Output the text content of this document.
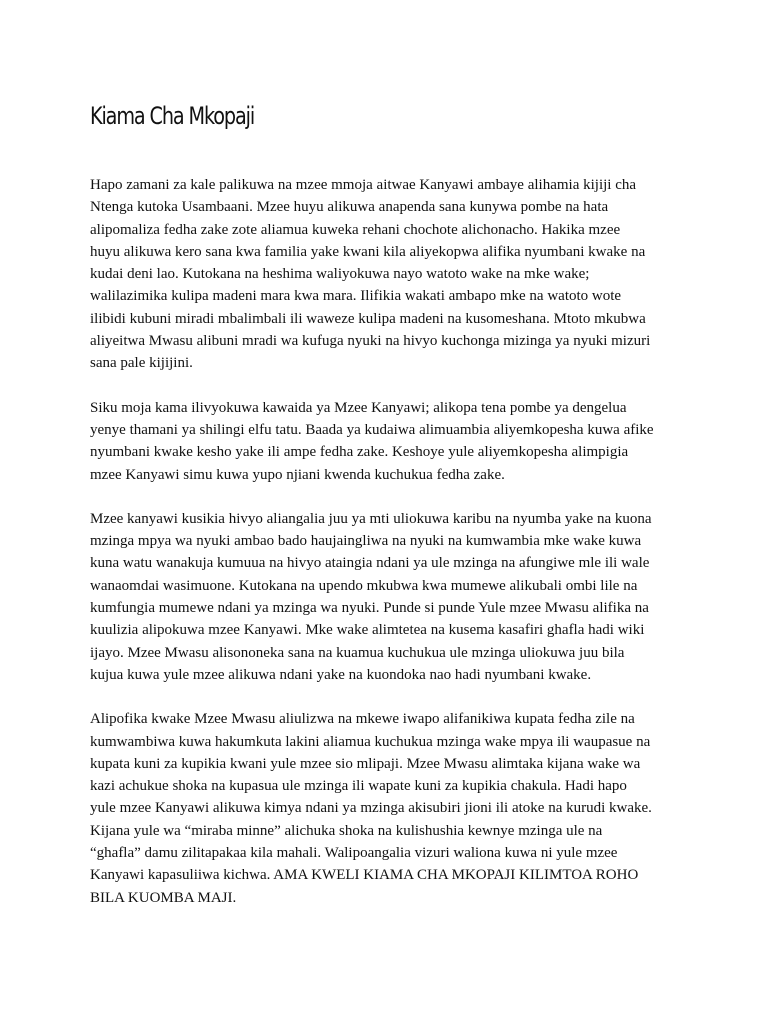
Kiama Cha Mkopaji

Hapo zamani za kale palikuwa na mzee mmoja aitwae Kanyawi ambaye alihamia kijiji cha
Ntenga kutoka Usambaani. Mzee huyu alikuwa anapenda sana kunywa pombe na hata
alipomaliza fedha zake zote aliamua kuweka rehani chochote alichonacho. Hakika mzee
huyu alikuwa kero sana kwa familia yake kwani kila aliyekopwa alifika nyumbani kwake na
kudai deni lao. Kutokana na heshima waliyokuwa nayo watoto wake na mke wake;
walilazimika kulipa madeni mara kwa mara. Ilifikia wakati ambapo mke na watoto wote
ilibidi kubuni miradi mbalimbali ili waweze kulipa madeni na kusomeshana. Mtoto mkubwa
aliyeitwa Mwasu alibuni mradi wa kufuga nyuki na hivyo kuchonga mizinga ya nyuki mizuri
sana pale kijijini.

Siku moja kama ilivyokuwa kawaida ya Mzee Kanyawi; alikopa tena pombe ya dengelua
yenye thamani ya shilingi elfu tatu. Baada ya kudaiwa alimuambia aliyemkopesha kuwa afike
nyumbani kwake kesho yake ili ampe fedha zake. Keshoye yule aliyemkopesha alimpigia
mzee Kanyawi simu kuwa yupo njiani kwenda kuchukua fedha zake.

Mzee kanyawi kusikia hivyo aliangalia juu ya mti uliokuwa karibu na nyumba yake na kuona
mzinga mpya wa nyuki ambao bado haujaingliwa na nyuki na kumwambia mke wake kuwa
kuna watu wanakuja kumuua na hivyo ataingia ndani ya ule mzinga na afungiwe mle ili wale
wanaomdai wasimuone. Kutokana na upendo mkubwa kwa mumewe alikubali ombi lile na
kumfungia mumewe ndani ya mzinga wa nyuki. Punde si punde Yule mzee Mwasu alifika na
kuulizia alipokuwa mzee Kanyawi. Mke wake alimtetea na kusema kasafiri ghafla hadi wiki
ijayo. Mzee Mwasu alisononeka sana na kuamua kuchukua ule mzinga uliokuwa juu bila
kujua kuwa yule mzee alikuwa ndani yake na kuondoka nao hadi nyumbani kwake.

Alipofika kwake Mzee Mwasu aliulizwa na mkewe iwapo alifanikiwa kupata fedha zile na
kumwambiwa kuwa hakumkuta lakini aliamua kuchukua mzinga wake mpya ili waupasue na
kupata kuni za kupikia kwani yule mzee sio mlipaji. Mzee Mwasu alimtaka kijana wake wa
kazi achukue shoka na kupasua ule mzinga ili wapate kuni za kupikia chakula. Hadi hapo
yule mzee Kanyawi alikuwa kimya ndani ya mzinga akisubiri jioni ili atoke na kurudi kwake.
Kijana yule wa “miraba minne” alichuka shoka na kulishushia kewnye mzinga ule na
“ghafla” damu zilitapakaa kila mahali. Walipoangalia vizuri waliona kuwa ni yule mzee
Kanyawi kapasuliiwa kichwa. AMA KWELI KIAMA CHA MKOPAJI KILIMTOA ROHO
BILA KUOMBA MAJI.
